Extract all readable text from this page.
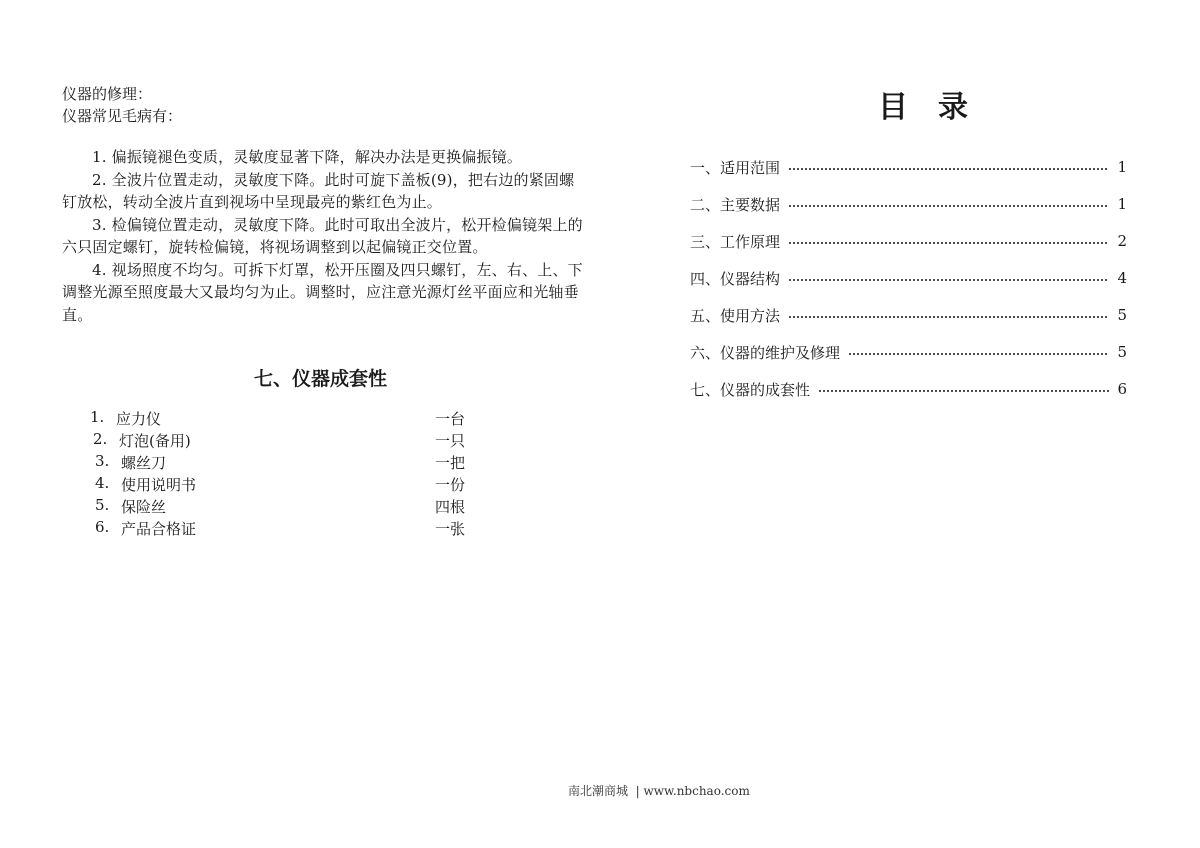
仪器的修理：
仪器常见毛病有：
1. 偏振镜褪色变质，灵敏度显著下降，解决办法是更换偏振镜。
2. 全波片位置走动，灵敏度下降。此时可旋下盖板(9)，把右边的紧固螺钉放松，转动全波片直到视场中呈现最亮的紫红色为止。
3. 检偏镜位置走动，灵敏度下降。此时可取出全波片，松开检偏镜架上的六只固定螺钉，旋转检偏镜，将视场调整到以起偏镜正交位置。
4. 视场照度不均匀。可拆下灯罩，松开压圈及四只螺钉，左、右、上、下调整光源至照度最大又最均匀为止。调整时，应注意光源灯丝平面应和光轴垂直。
七、仪器成套性
1. 应力仪	一台
2. 灯泡(备用)	一只
3. 螺丝刀	一把
4. 使用说明书	一份
5. 保险丝	四根
6. 产品合格证	一张
目录
一、适用范围	1
二、主要数据	1
三、工作原理	2
四、仪器结构	4
五、使用方法	5
六、仪器的维护及修理	5
七、仪器的成套性	6
南北潮商城  | www.nbchao.com
